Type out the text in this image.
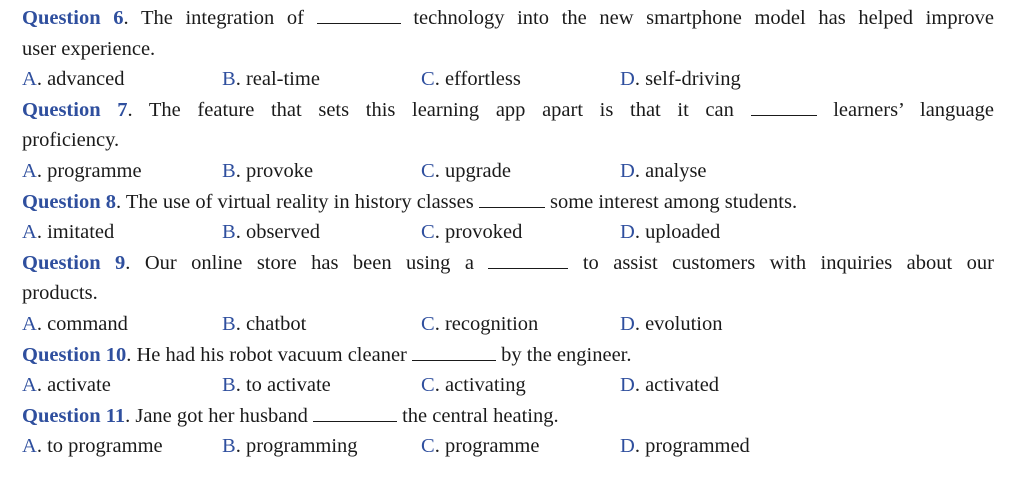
Question 6. The integration of	technology into the new smartphone model has helped improve
user experience.
A. advanced	B. real-time	C. effortless	D. self-driving
Question 7. The feature that sets this learning app apart is that it can	learners’ language
proficiency.
A. programme	B. provoke	C. upgrade	D. analyse
Question 8. The use of virtual reality in history classes	some interest among students.
A. imitated	B. observed	C. provoked	D. uploaded
Question 9. Our online store has been using a	to assist customers with inquiries about our
products.
A. command	B. chatbot	C. recognition	D. evolution
Question 10. He had his robot vacuum cleaner	by the engineer.
A. activate	B. to activate	C. activating	D. activated
Question 11. Jane got her husband	the central heating.
A. to programme	B. programming	C. programme	D. programmed
